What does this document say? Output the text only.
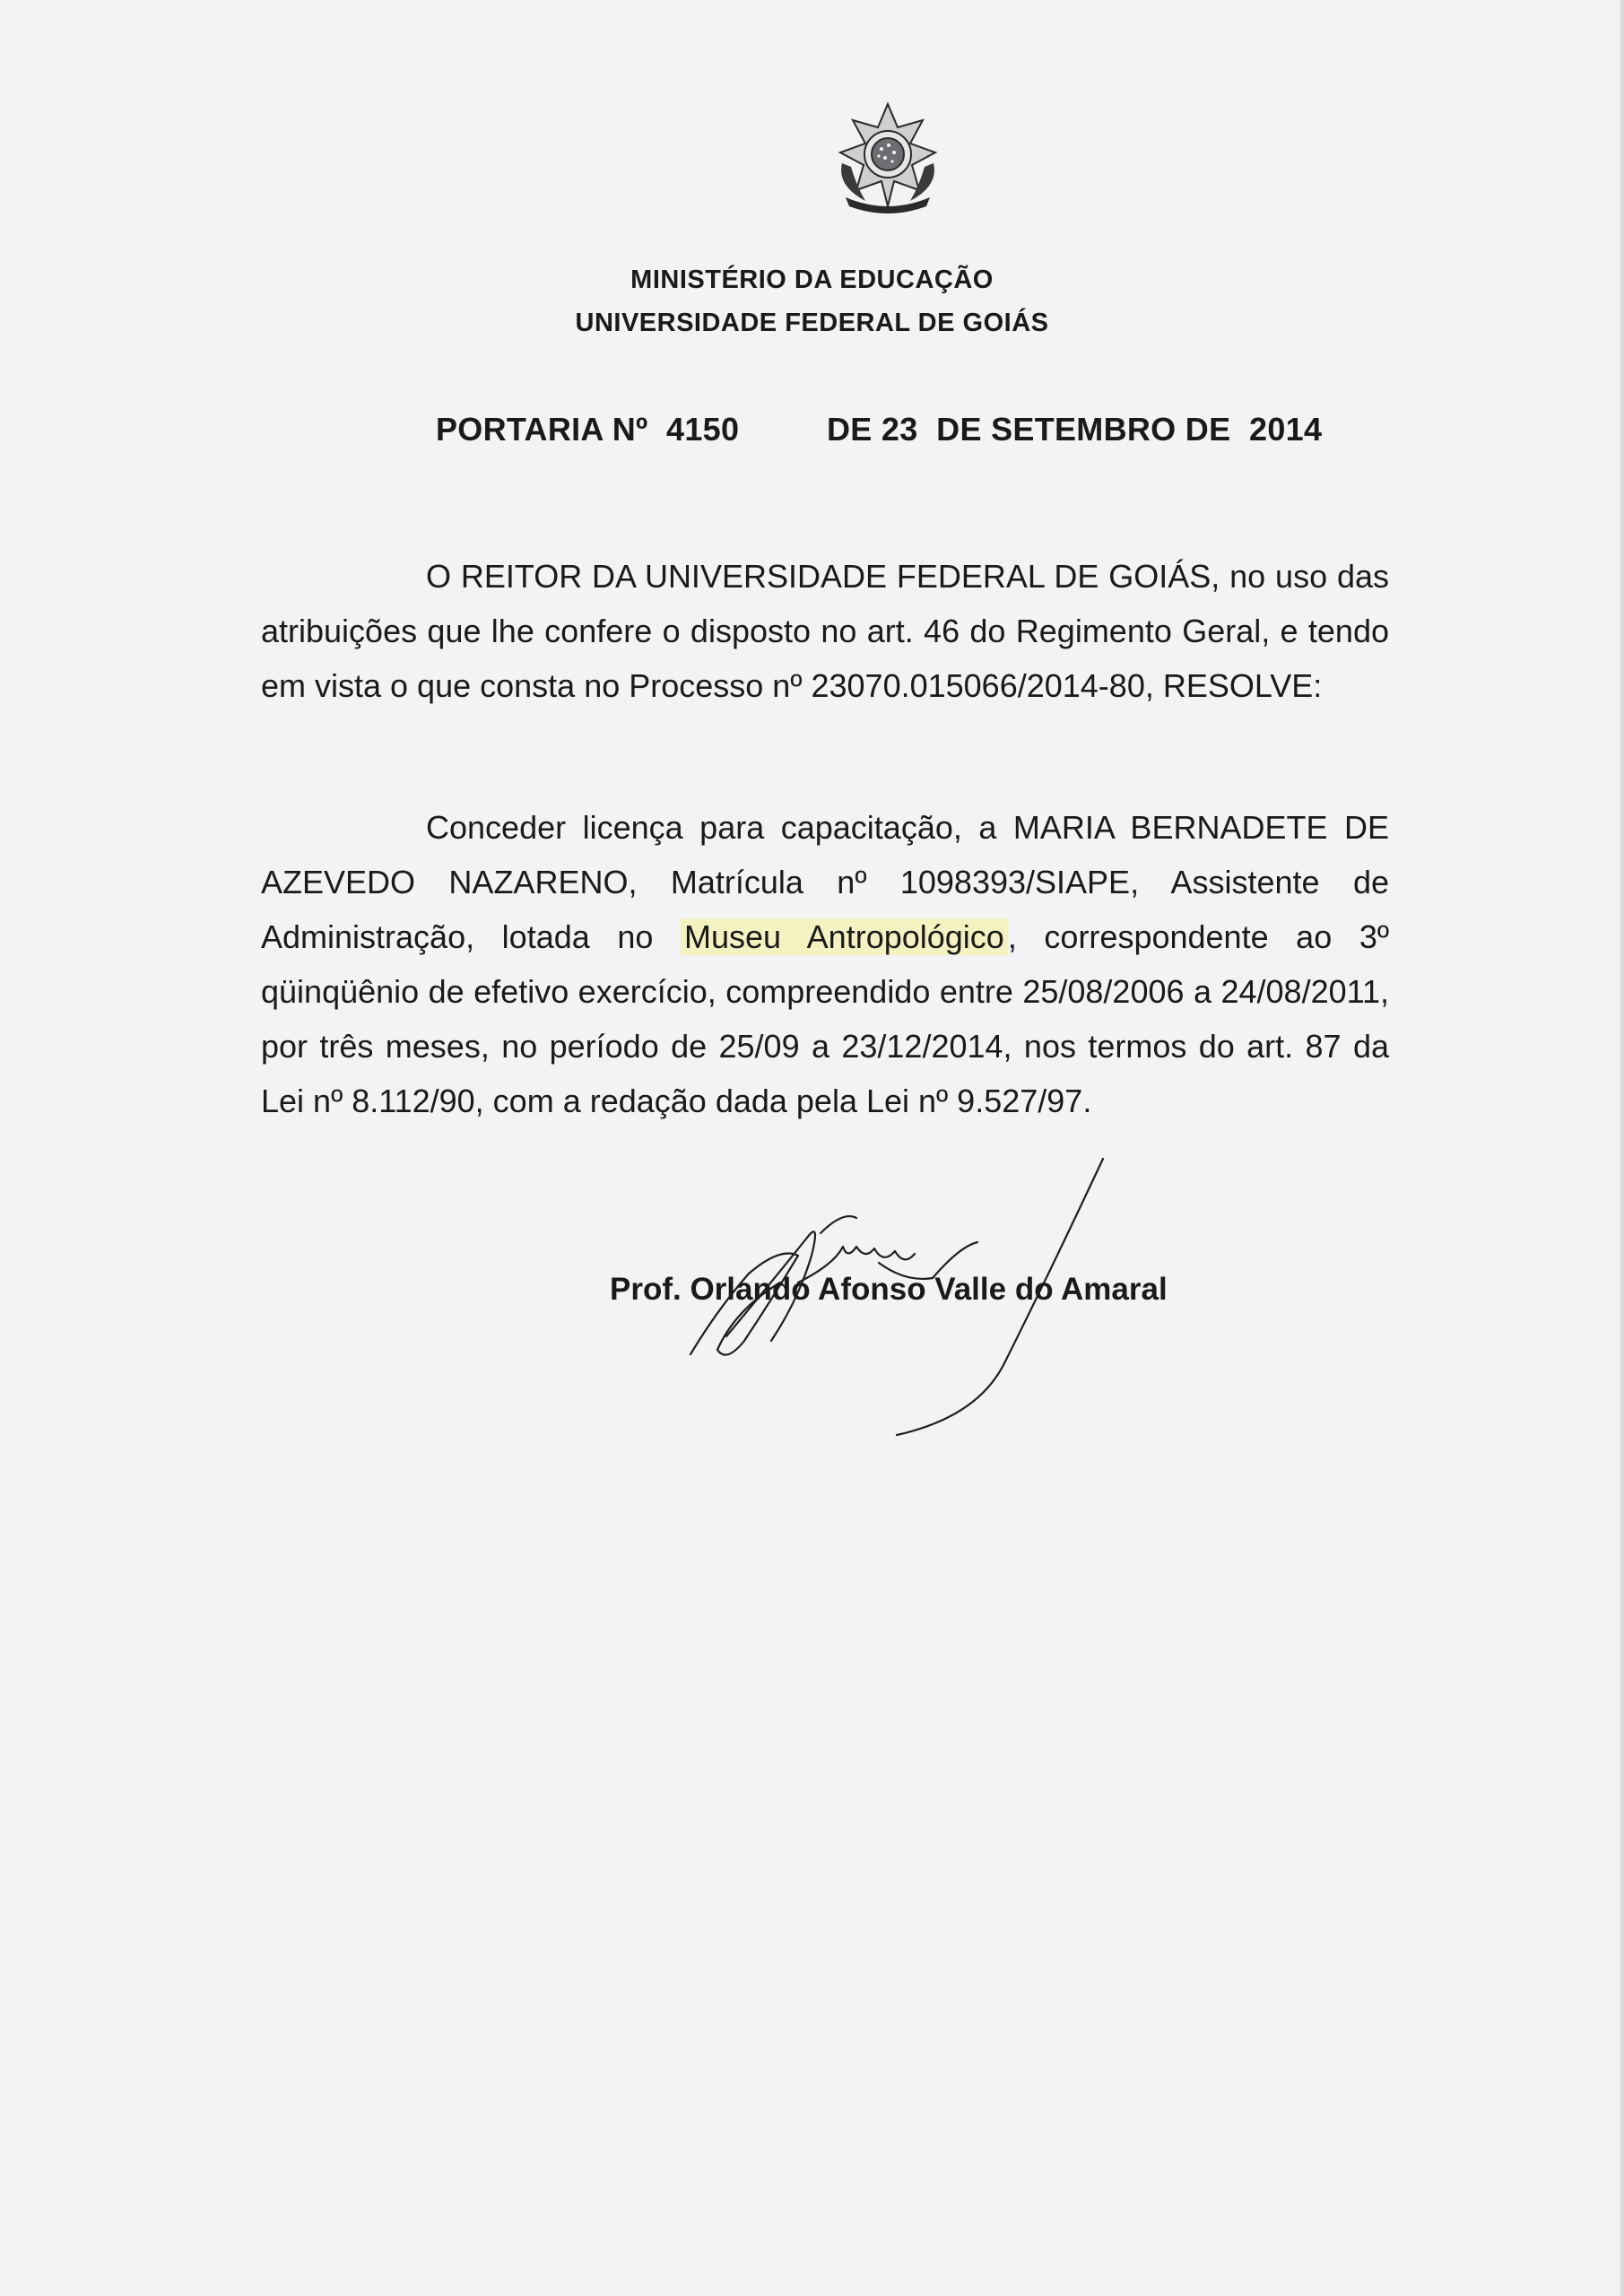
MINISTÉRIO DA EDUCAÇÃO
UNIVERSIDADE FEDERAL DE GOIÁS
PORTARIA Nº  4150	DE 23  DE SETEMBRO DE  2014

O REITOR DA UNIVERSIDADE FEDERAL DE GOIÁS, no uso das atribuições que lhe confere o disposto no art. 46 do Regimento Geral, e tendo em vista o que consta no Processo nº 23070.015066/2014-80, RESOLVE:

Conceder licença para capacitação, a MARIA BERNADETE DE AZEVEDO NAZARENO, Matrícula nº 1098393/SIAPE, Assistente de Administração, lotada no Museu Antropológico , correspondente ao 3º qüinqüênio de efetivo exercício, compreendido entre 25/08/2006 a 24/08/2011, por três meses, no período de 25/09 a 23/12/2014, nos termos do art. 87 da Lei nº 8.112/90, com a redação dada pela Lei nº 9.527/97.

Prof. Orlando Afonso Valle do Amaral
